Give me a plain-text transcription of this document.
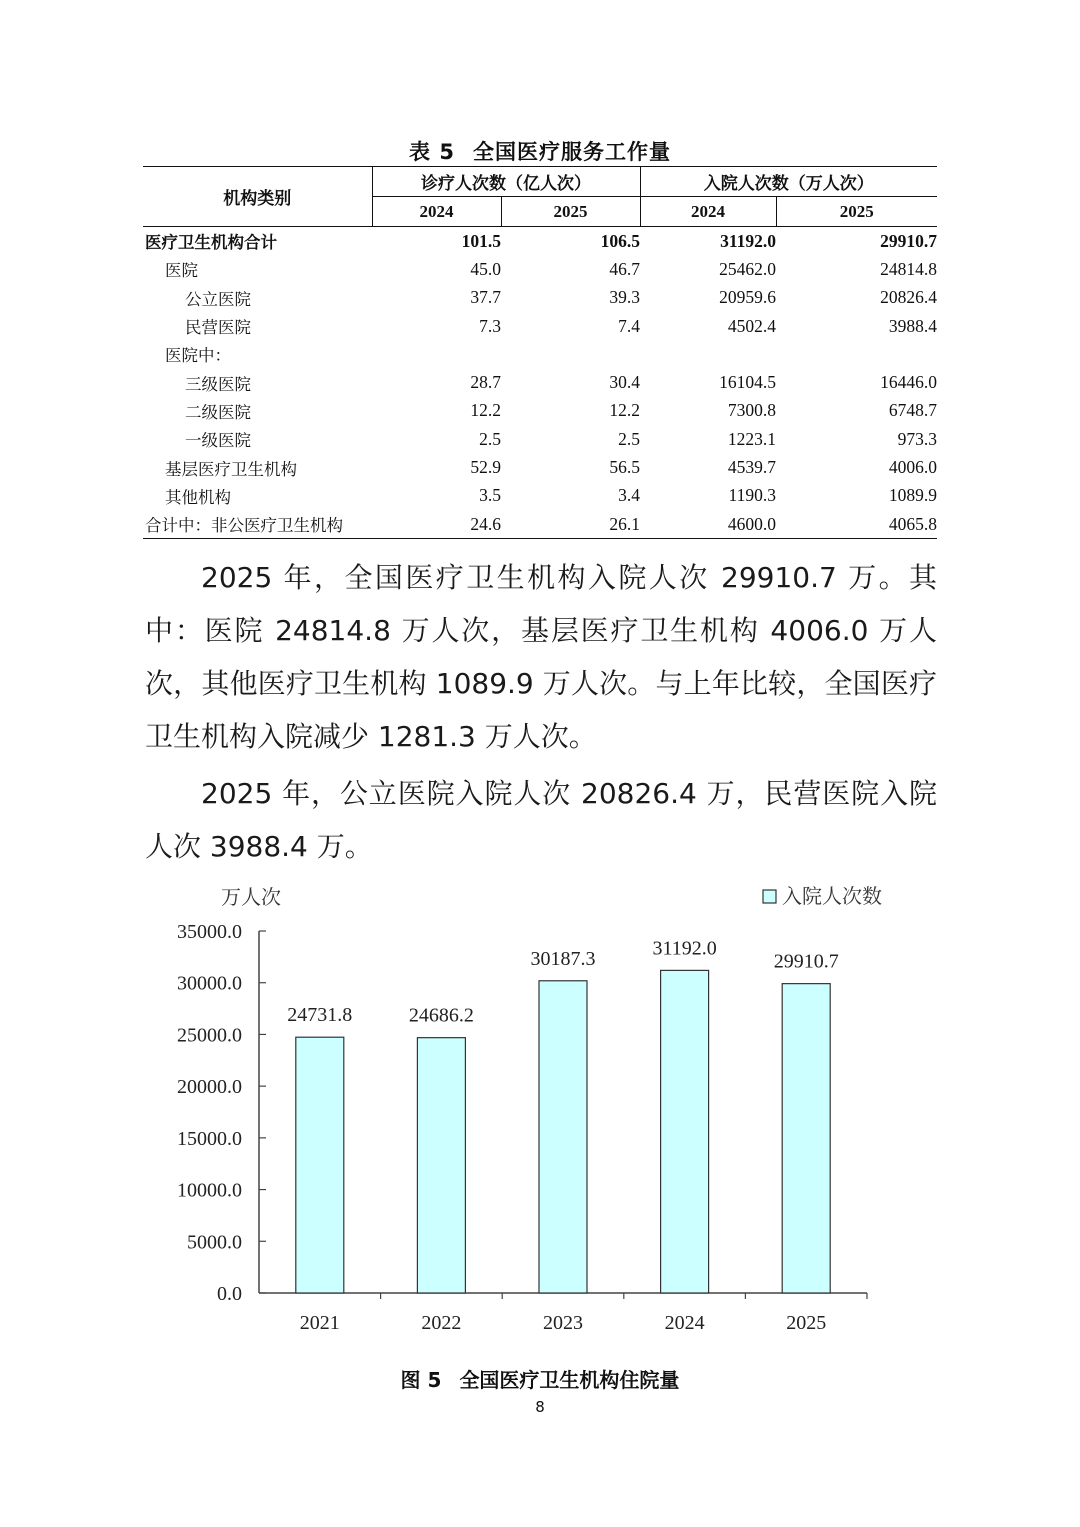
表 5 全国医疗服务工作量
机构类别	诊疗人次数（亿人次）		入院人次数（万人次）	
	2024	2025	2024	2025
医疗卫生机构合计	101.5	106.5	31192.0	29910.7
医院	45.0	46.7	25462.0	24814.8
公立医院	37.7	39.3	20959.6	20826.4
民营医院	7.3	7.4	4502.4	3988.4
医院中：				
三级医院	28.7	30.4	16104.5	16446.0
二级医院	12.2	12.2	7300.8	6748.7
一级医院	2.5	2.5	1223.1	973.3
基层医疗卫生机构	52.9	56.5	4539.7	4006.0
其他机构	3.5	3.4	1190.3	1089.9
合计中：非公医疗卫生机构	24.6	26.1	4600.0	4065.8
2025 年，全国医疗卫生机构入院人次 29910.7 万。其中：医院 24814.8 万人次，基层医疗卫生机构 4006.0 万人次，其他医疗卫生机构 1089.9 万人次。与上年比较，全国医疗卫生机构入院减少 1281.3 万人次。
2025 年，公立医院入院人次 20826.4 万，民营医院入院人次 3988.4 万。
万人次
0.0
5000.0
10000.0
15000.0
20000.0
25000.0
30000.0
35000.0
24731.8
2021
24686.2
2022
30187.3
2023
31192.0
2024
29910.7
2025
入院人次数
图 5 全国医疗卫生机构住院量
8
